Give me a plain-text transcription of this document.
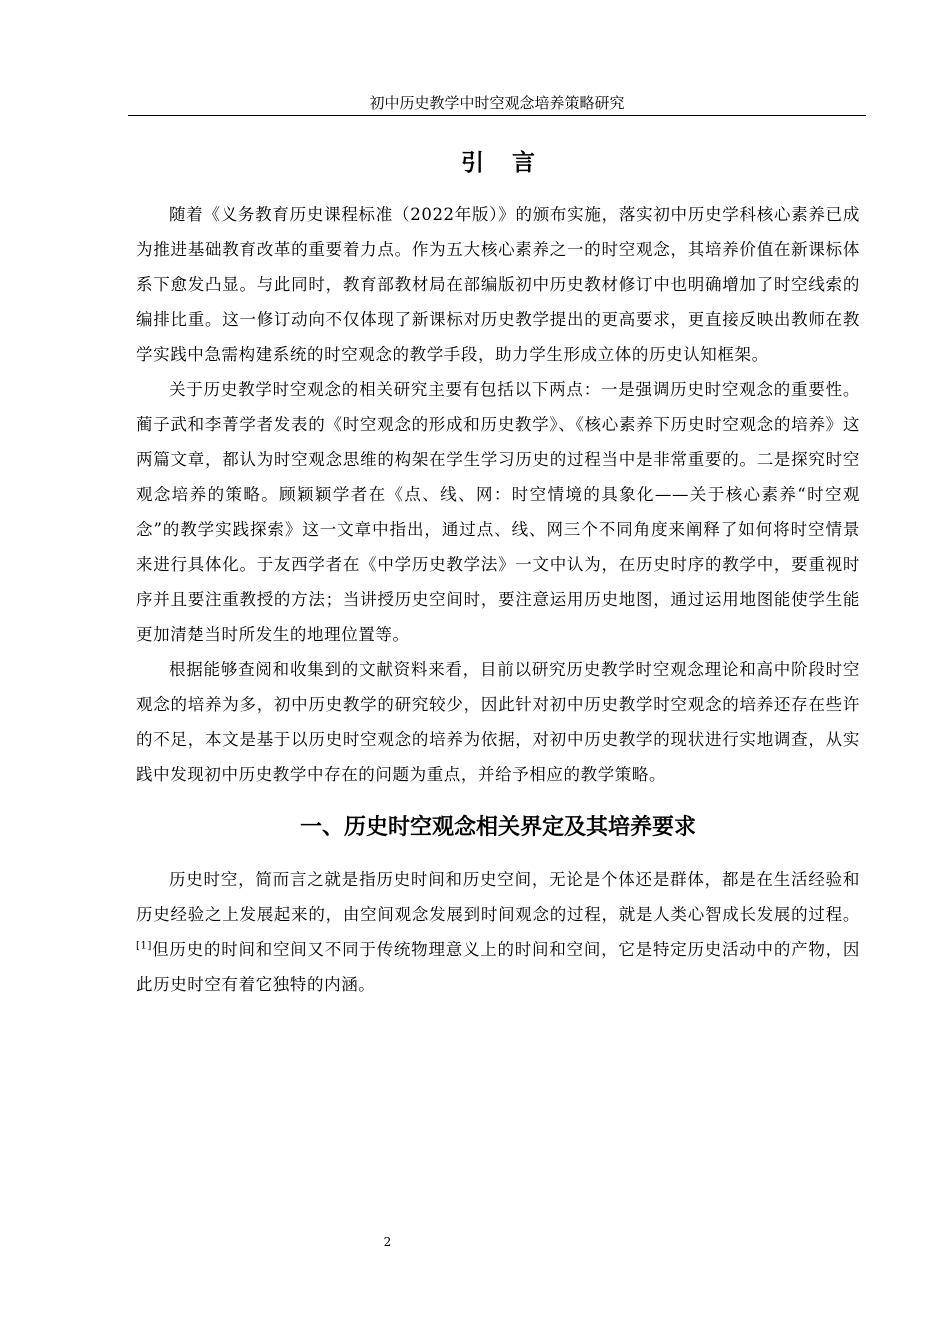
初中历史教学中时空观念培养策略研究
引 言

随着《义务教育历史课程标准（2022年版）》的颁布实施，落实初中历史学科核心素养已成为推进基础教育改革的重要着力点。作为五大核心素养之一的时空观念，其培养价值在新课标体系下愈发凸显。与此同时，教育部教材局在部编版初中历史教材修订中也明确增加了时空线索的编排比重。这一修订动向不仅体现了新课标对历史教学提出的更高要求，更直接反映出教师在教学实践中急需构建系统的时空观念的教学手段，助力学生形成立体的历史认知框架。

关于历史教学时空观念的相关研究主要有包括以下两点：一是强调历史时空观念的重要性。蔺子武和李菁学者发表的《时空观念的形成和历史教学》、《核心素养下历史时空观念的培养》这两篇文章，都认为时空观念思维的构架在学生学习历史的过程当中是非常重要的。二是探究时空观念培养的策略。顾颖颖学者在《点、线、网：时空情境的具象化——关于核心素养“时空观念”的教学实践探索》这一文章中指出，通过点、线、网三个不同角度来阐释了如何将时空情景来进行具体化。于友西学者在《中学历史教学法》一文中认为，在历史时序的教学中，要重视时序并且要注重教授的方法；当讲授历史空间时，要注意运用历史地图，通过运用地图能使学生能更加清楚当时所发生的地理位置等。

根据能够查阅和收集到的文献资料来看，目前以研究历史教学时空观念理论和高中阶段时空观念的培养为多，初中历史教学的研究较少，因此针对初中历史教学时空观念的培养还存在些许的不足，本文是基于以历史时空观念的培养为依据，对初中历史教学的现状进行实地调查，从实践中发现初中历史教学中存在的问题为重点，并给予相应的教学策略。

一、历史时空观念相关界定及其培养要求

历史时空，简而言之就是指历史时间和历史空间，无论是个体还是群体，都是在生活经验和历史经验之上发展起来的，由空间观念发展到时间观念的过程，就是人类心智成长发展的过程。[1]但历史的时间和空间又不同于传统物理意义上的时间和空间，它是特定历史活动中的产物，因此历史时空有着它独特的内涵。

2
